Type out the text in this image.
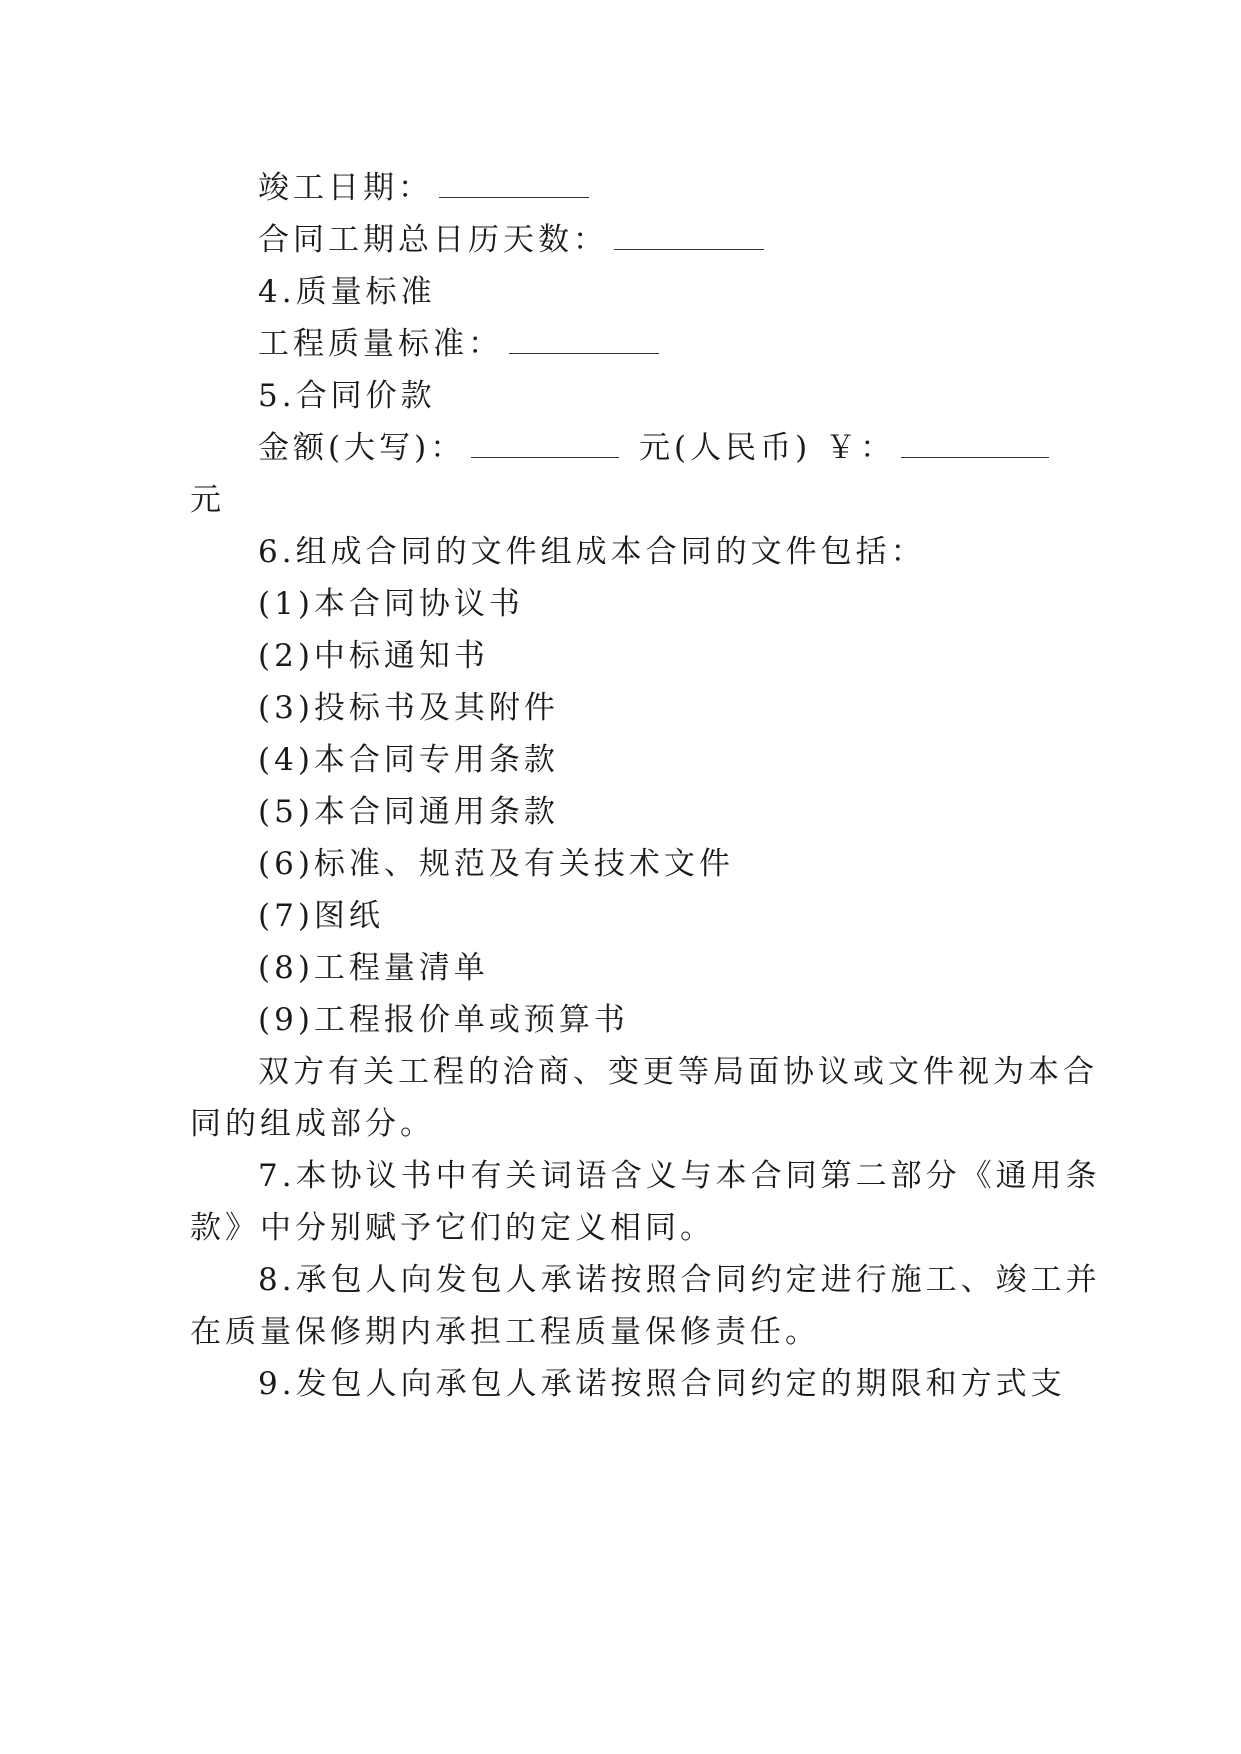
竣工日期：
合同工期总日历天数：
4.质量标准
工程质量标准：
5.合同价款
金额(大写)：	元(人民币) ￥：
元
6.组成合同的文件组成本合同的文件包括：
(1)本合同协议书
(2)中标通知书
(3)投标书及其附件
(4)本合同专用条款
(5)本合同通用条款
(6)标准、规范及有关技术文件
(7)图纸
(8)工程量清单
(9)工程报价单或预算书
双方有关工程的洽商、变更等局面协议或文件视为本合
同的组成部分。
7.本协议书中有关词语含义与本合同第二部分《通用条
款》中分别赋予它们的定义相同。
8.承包人向发包人承诺按照合同约定进行施工、竣工并
在质量保修期内承担工程质量保修责任。
9.发包人向承包人承诺按照合同约定的期限和方式支
